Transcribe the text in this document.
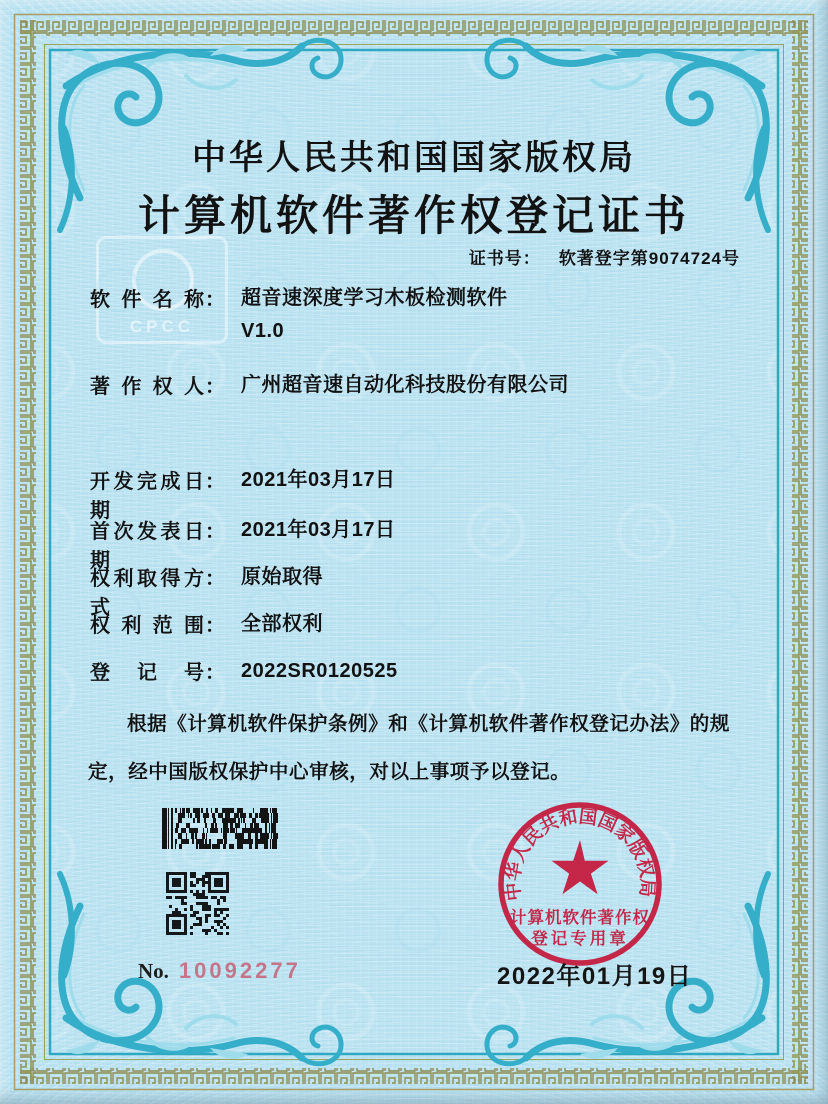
中华人民共和国国家版权局
计算机软件著作权登记证书
证书号： 软著登字第9074724号
软件名称 ： 超音速深度学习木板检测软件
V1.0
著作权人 ： 广州超音速自动化科技股份有限公司
开发完成日期
： 2021年03月17日
首次发表日期
： 2021年03月17日
权利取得方式
： 原始取得
权利范围 ： 全部权利
登记号 ： 2022SR0120525
根据《计算机软件保护条例》和《计算机软件著作权登记办法》的规定，经中国版权保护中心审核，对以上事项予以登记。
No. 10092277
中华人民共和国国家版权局
计算机软件著作权
登记专用章
2022年01月19日
